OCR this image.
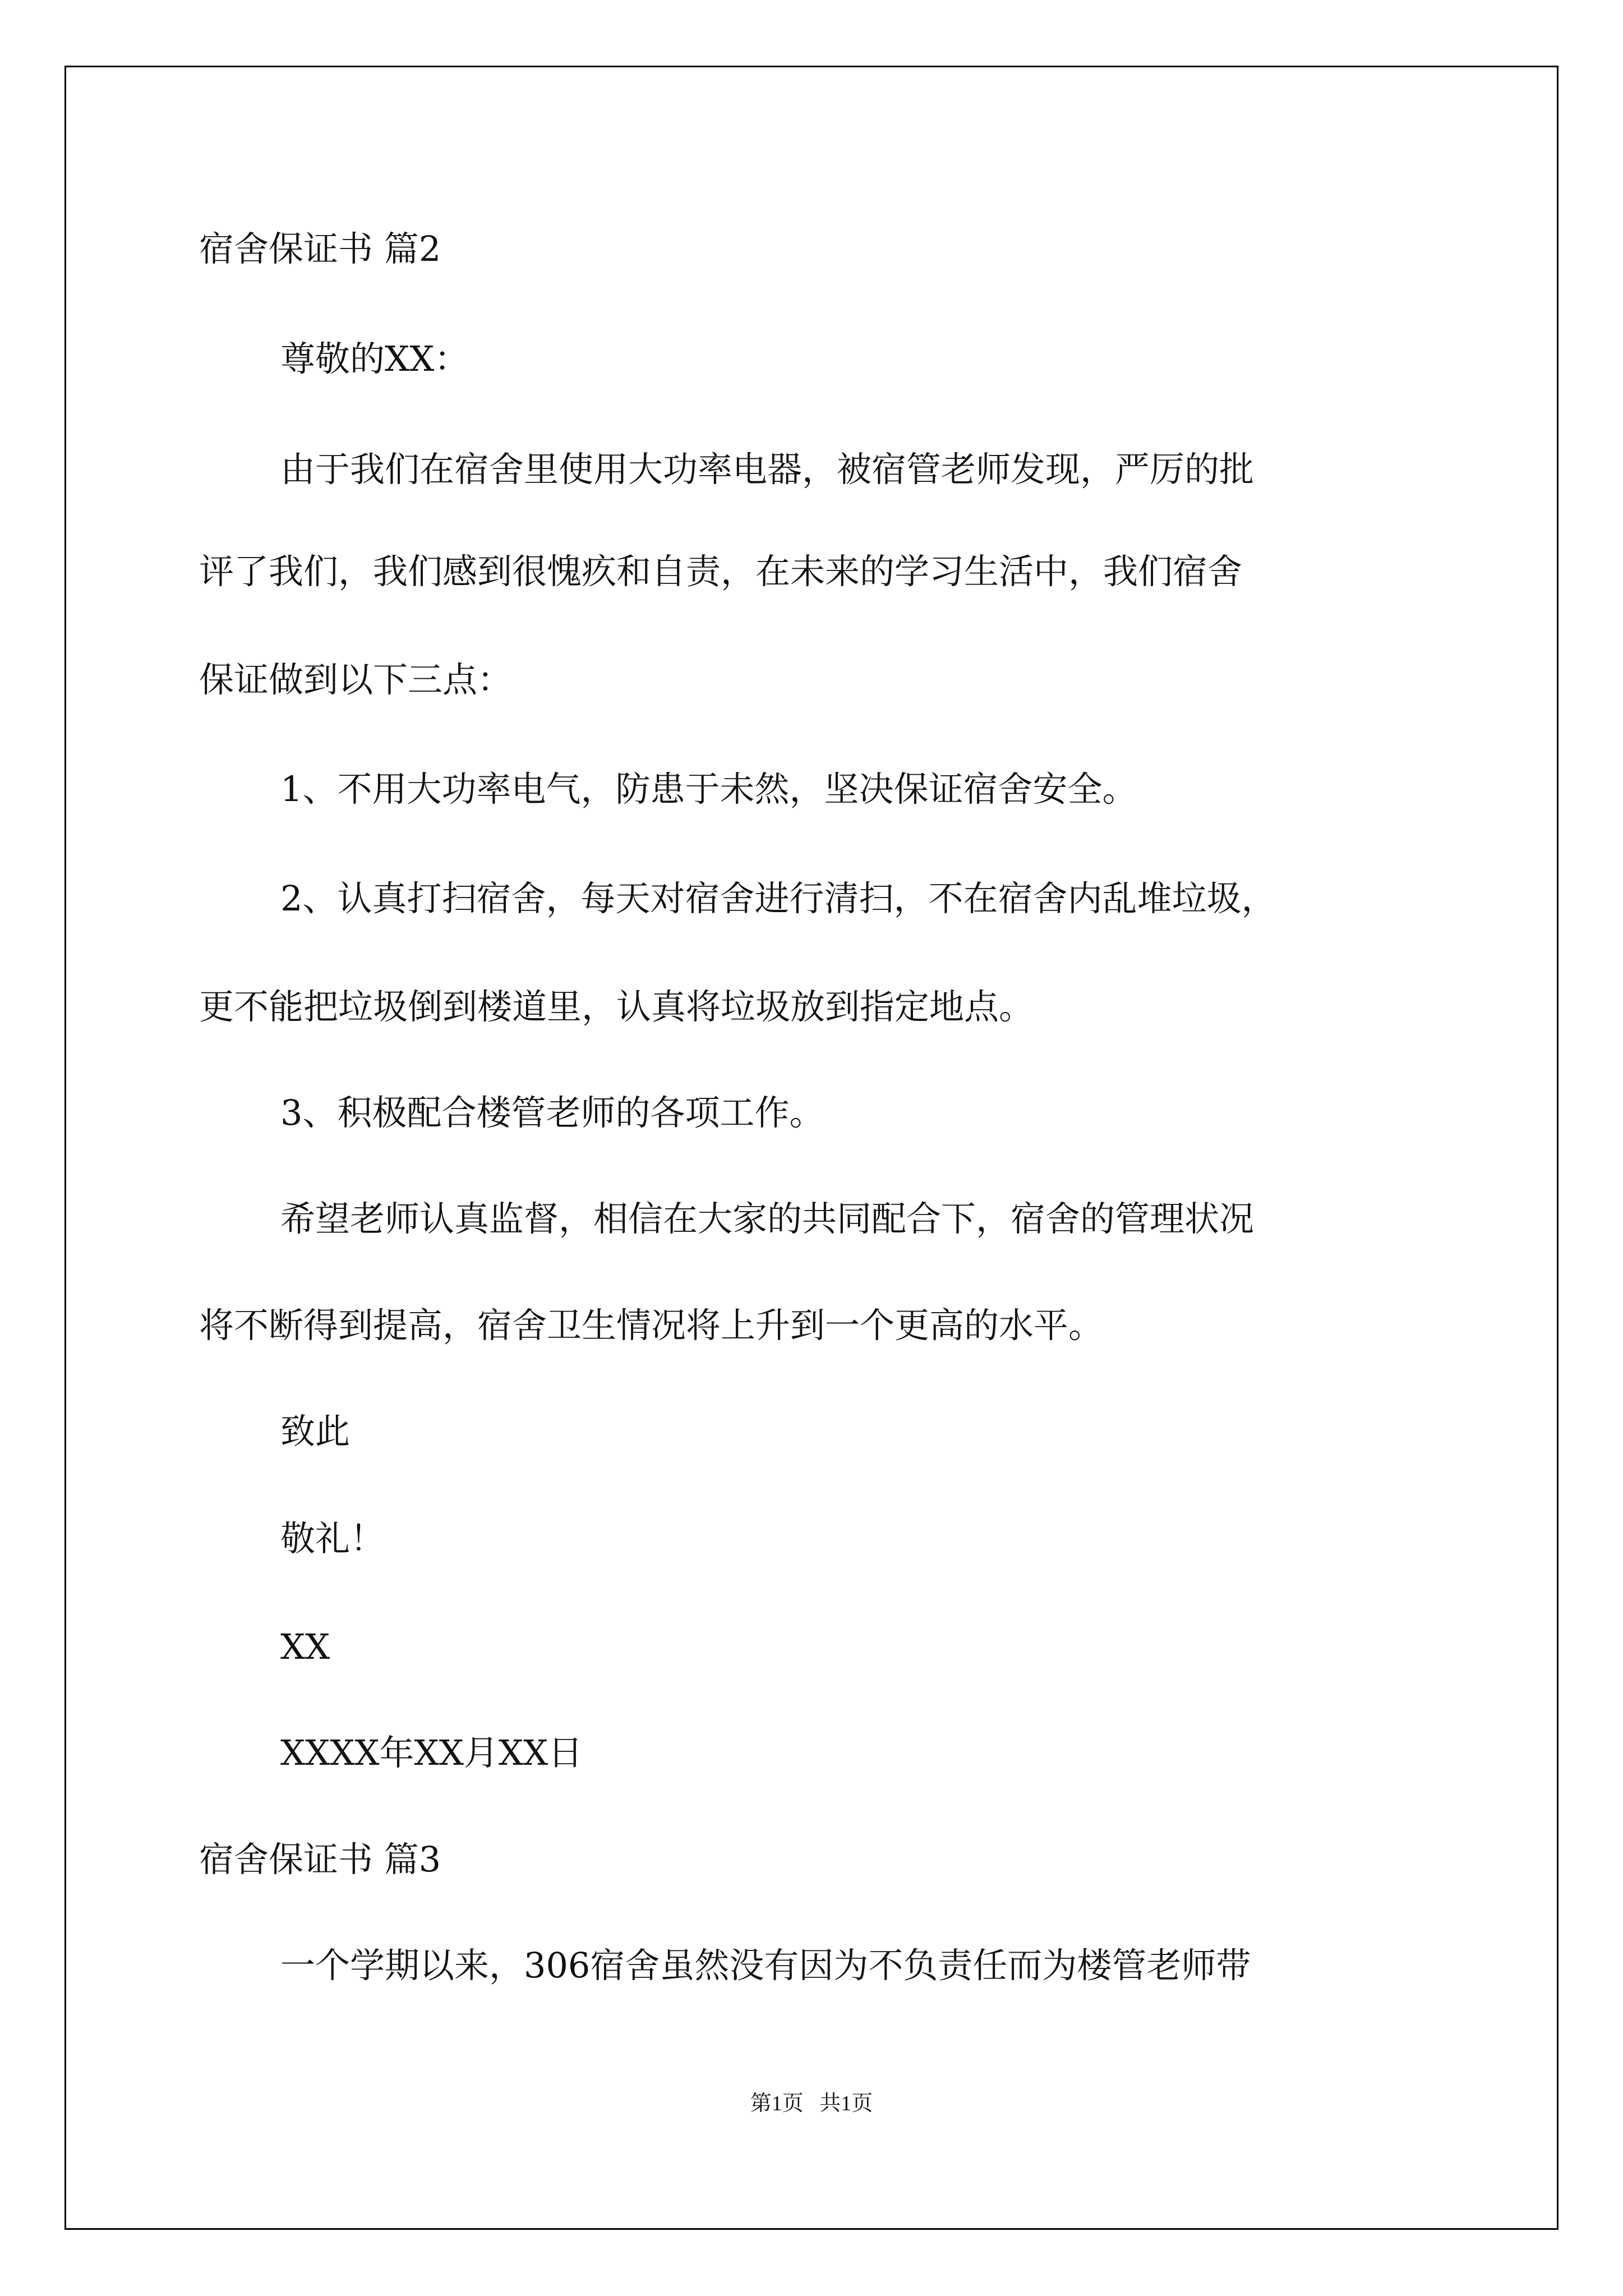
宿舍保证书 篇2

尊敬的XX：

由于我们在宿舍里使用大功率电器，被宿管老师发现，严厉的批

评了我们，我们感到很愧疚和自责，在未来的学习生活中，我们宿舍

保证做到以下三点：

1、不用大功率电气，防患于未然，坚决保证宿舍安全。

2、认真打扫宿舍，每天对宿舍进行清扫，不在宿舍内乱堆垃圾，

更不能把垃圾倒到楼道里，认真将垃圾放到指定地点。

3、积极配合楼管老师的各项工作。

希望老师认真监督，相信在大家的共同配合下，宿舍的管理状况

将不断得到提高，宿舍卫生情况将上升到一个更高的水平。

致此

敬礼！

XX

XXXX年XX月XX日

宿舍保证书 篇3

一个学期以来，306宿舍虽然没有因为不负责任而为楼管老师带

第1页   共1页
